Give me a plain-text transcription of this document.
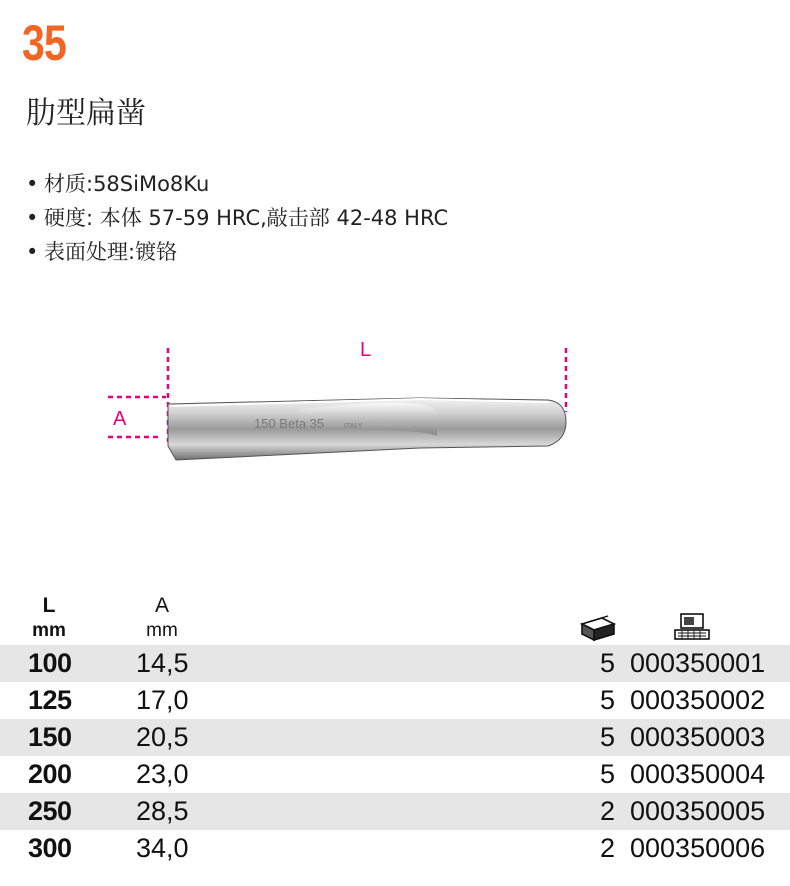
35
肋型扁凿
• 材质:58SiMo8Ku
• 硬度: 本体 57-59 HRC,敲击部 42-48 HRC
• 表面处理:镀铬
L
A	150 Beta 35	ITALY
L
mm
A
mm
100 14,5	5 000350001
125 17,0	5 000350002
150 20,5	5 000350003
200 23,0	5 000350004
250 28,5	2 000350005
300 34,0	2 000350006
